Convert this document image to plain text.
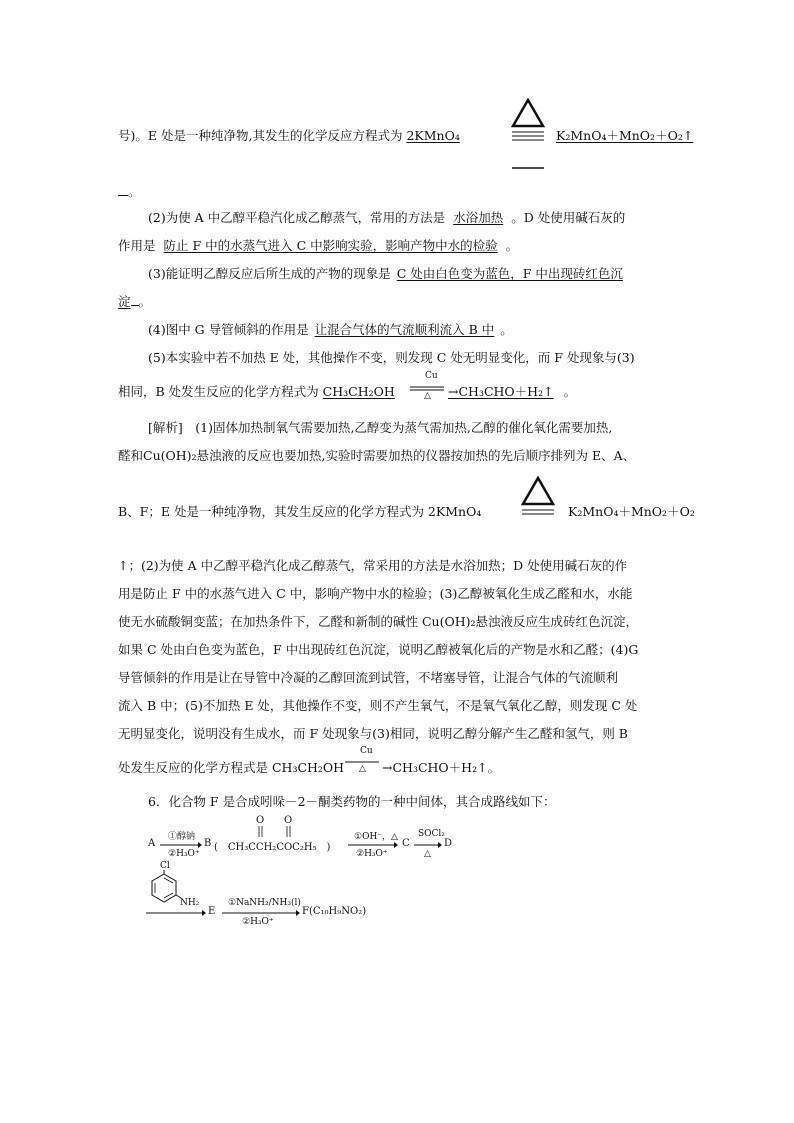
号)。E 处是一种纯净物,其发生的化学反应方程式为 2KMnO₄	K₂MnO₄＋MnO₂＋O₂↑
。
(2)为使 A 中乙醇平稳汽化成乙醇蒸气，常用的方法是 水浴加热 。D 处使用碱石灰的
作用是 防止 F 中的水蒸气进入 C 中影响实验，影响产物中水的检验 。
(3)能证明乙醇反应后所生成的产物的现象是 C 处由白色变为蓝色，F 中出现砖红色沉
淀 。
(4)图中 G 导管倾斜的作用是 让混合气体的气流顺利流入 B 中 。
(5)本实验中若不加热 E 处，其他操作不变，则发现 C 处无明显变化，而 F 处现象与(3)
相同，B 处发生反应的化学方程式为 CH₃CH₂OH
Cu
△ →CH₃CHO＋H₂↑ 。
[解析]　(1)固体加热制氧气需要加热,乙醇变为蒸气需加热,乙醇的催化氧化需要加热,
醛和Cu(OH)₂悬浊液的反应也要加热,实验时需要加热的仪器按加热的先后顺序排列为 E、A、
B、F；E 处是一种纯净物，其发生反应的化学方程式为 2KMnO₄	K₂MnO₄＋MnO₂＋O₂
↑；(2)为使 A 中乙醇平稳汽化成乙醇蒸气，常采用的方法是水浴加热；D 处使用碱石灰的作
用是防止 F 中的水蒸气进入 C 中，影响产物中水的检验；(3)乙醇被氧化生成乙醛和水，水能
使无水硫酸铜变蓝；在加热条件下，乙醛和新制的碱性 Cu(OH)₂悬浊液反应生成砖红色沉淀，
如果 C 处由白色变为蓝色，F 中出现砖红色沉淀，说明乙醇被氧化后的产物是水和乙醛；(4)G
导管倾斜的作用是让在导管中冷凝的乙醇回流到试管，不堵塞导管，让混合气体的气流顺利
流入 B 中；(5)不加热 E 处，其他操作不变，则不产生氧气，不是氧气氧化乙醇，则发现 C 处
无明显变化，说明没有生成水，而 F 处现象与(3)相同，说明乙醇分解产生乙醛和氢气，则 B
处发生反应的化学方程式是 CH₃CH₂OH
Cu
△ →CH₃CHO＋H₂↑。
6．化合物 F 是合成吲哚－2－酮类药物的一种中间体，其合成路线如下：
A
①醇钠
②H₃O⁺
B (　CH₃CCH₂COC₂H₅　)
O O
①OH⁻，△
②H₃O⁺
C
SOCl₂
△
D
Cl
NH₂
E
①NaNH₂/NH₃(l)
②H₃O⁺
F(C₁₀H₉NO₂)
